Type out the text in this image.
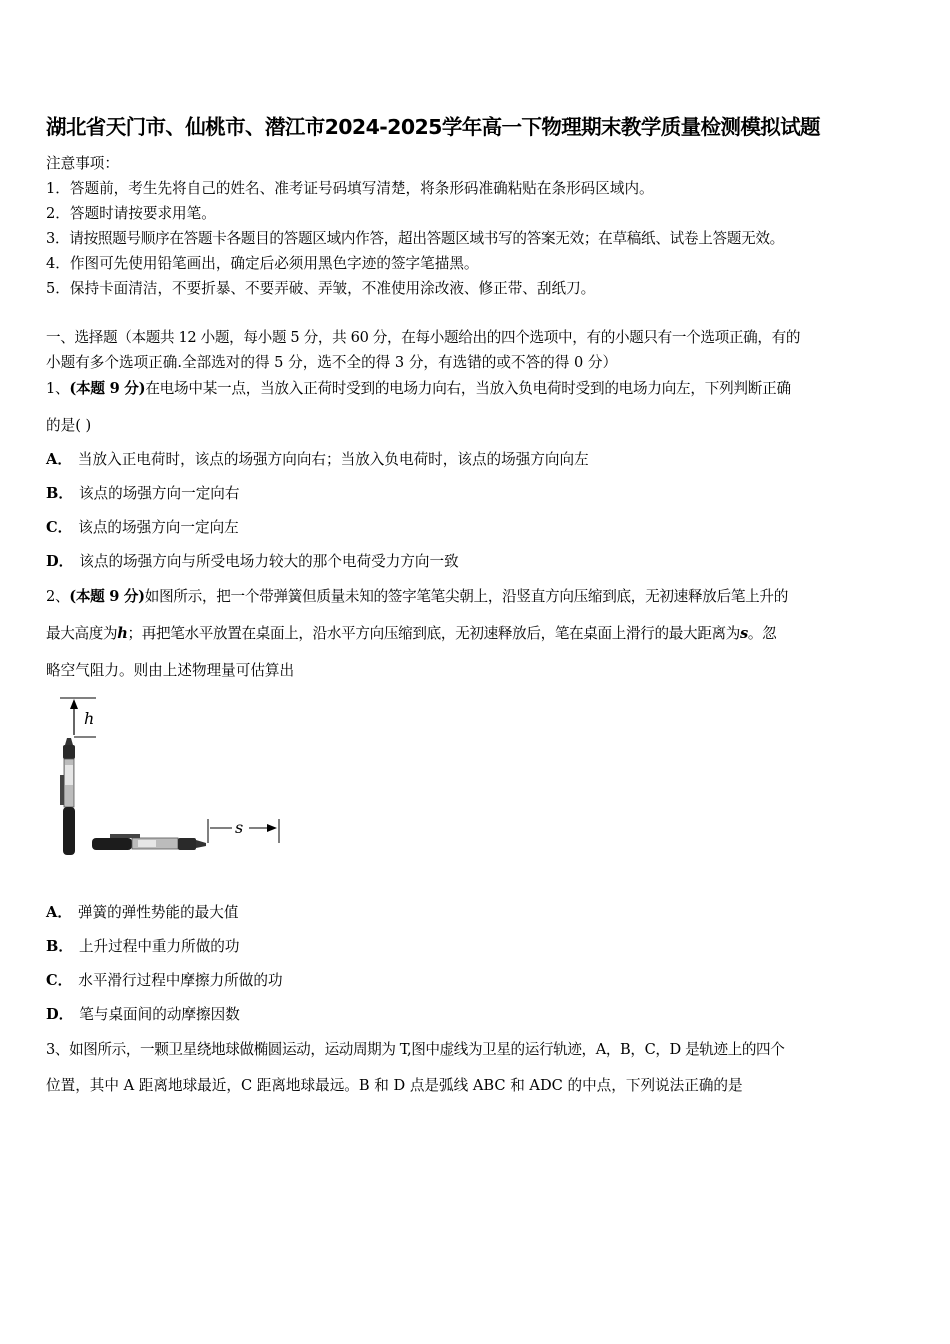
湖北省天门市、仙桃市、潜江市2024-2025学年高一下物理期末教学质量检测模拟试题
注意事项：
1．答题前，考生先将自己的姓名、准考证号码填写清楚，将条形码准确粘贴在条形码区域内。
2．答题时请按要求用笔。
3．请按照题号顺序在答题卡各题目的答题区域内作答，超出答题区域书写的答案无效；在草稿纸、试卷上答题无效。
4．作图可先使用铅笔画出，确定后必须用黑色字迹的签字笔描黑。
5．保持卡面清洁，不要折暴、不要弄破、弄皱，不准使用涂改液、修正带、刮纸刀。
一、选择题（本题共 12 小题，每小题 5 分，共 60 分，在每小题给出的四个选项中，有的小题只有一个选项正确，有的
小题有多个选项正确.全部选对的得 5 分，选不全的得 3 分，有选错的或不答的得 0 分）
1、(本题 9 分)在电场中某一点，当放入正荷时受到的电场力向右，当放入负电荷时受到的电场力向左，下列判断正确
的是( )
A． 当放入正电荷时，该点的场强方向向右；当放入负电荷时，该点的场强方向向左
B． 该点的场强方向一定向右
C． 该点的场强方向一定向左
D． 该点的场强方向与所受电场力较大的那个电荷受力方向一致
2、(本题 9 分)如图所示，把一个带弹簧但质量未知的签字笔笔尖朝上，沿竖直方向压缩到底，无初速释放后笔上升的
最大高度为h；再把笔水平放置在桌面上，沿水平方向压缩到底，无初速释放后，笔在桌面上滑行的最大距离为s。忽
略空气阻力。则由上述物理量可估算出
h
s
A． 弹簧的弹性势能的最大值
B． 上升过程中重力所做的功
C． 水平滑行过程中摩擦力所做的功
D． 笔与桌面间的动摩擦因数
3、如图所示，一颗卫星绕地球做椭圆运动，运动周期为 T,图中虚线为卫星的运行轨迹，A，B，C，D 是轨迹上的四个
位置，其中 A 距离地球最近，C 距离地球最远。B 和 D 点是弧线 ABC 和 ADC 的中点，下列说法正确的是
